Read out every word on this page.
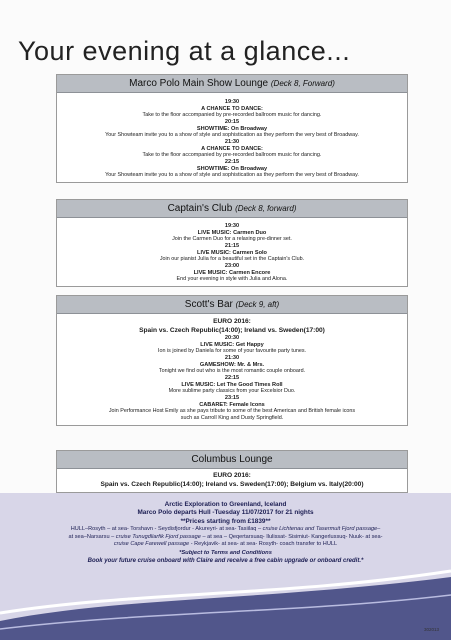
Your evening at a glance...
Marco Polo Main Show Lounge (Deck 8, Forward)
19:30
A CHANCE TO DANCE:
Take to the floor accompanied by pre-recorded ballroom music for dancing.
20:15
SHOWTIME: On Broadway
Your Showteam invite you to a show of style and sophistication as they perform the very best of Broadway.
21:30
A CHANCE TO DANCE:
Take to the floor accompanied by pre-recorded ballroom music for dancing.
22:15
SHOWTIME: On Broadway
Your Showteam invite you to a show of style and sophistication as they perform the very best of Broadway.
Captain's Club (Deck 8, forward)
19:30
LIVE MUSIC: Carmen Duo
Join the Carmen Duo for a relaxing pre-dinner set.
21:15
LIVE MUSIC: Carmen Solo
Join our pianist Julia for a beautiful set in the Captain's Club.
23:00
LIVE MUSIC: Carmen Encore
End your evening in style with Julia and Alona.
Scott's Bar (Deck 9, aft)
EURO 2016:
Spain vs. Czech Republic(14:00); Ireland vs. Sweden(17:00)
20:30
LIVE MUSIC: Get Happy
Ion is joined by Daniela for some of your favourite party tunes.
21:30
GAMESHOW: Mr. & Mrs.
Tonight we find out who is the most romantic couple onboard.
22:15
LIVE MUSIC: Let The Good Times Roll
More sublime party classics from your Excelsior Duo.
23:15
CABARET: Female Icons
Join Performance Host Emily as she pays tribute to some of the best American and British female icons
such as Carroll King and Dusty Springfield.
Columbus Lounge
EURO 2016:
Spain vs. Czech Republic(14:00); Ireland vs. Sweden(17:00); Belgium vs. Italy(20:00)
Arctic Exploration to Greenland, Iceland
Marco Polo departs Hull -Tuesday 11/07/2017 for 21 nights
**Prices starting from £1839**
HULL–Rosyth – at sea- Torshavn - Seydisfjordur - Akureyri- at sea- Tasiilaq – cruise Lichtenau and Tasermuit Fjord passage–
at sea–Narsarsu – cruise Tunugdliarfik Fjord passage – at sea – Qeqertarsuaq- Ilulissat- Sisimiut- Kangerlussuq- Nuuk- at sea-
cruise Cape Farewell passage - Reykjavik- at sea- at sea- Rosyth- coach transfer to HULL
*Subject to Terms and Conditions
Book your future cruise onboard with Claire and receive a free cabin upgrade or onboard credit.*
302013
